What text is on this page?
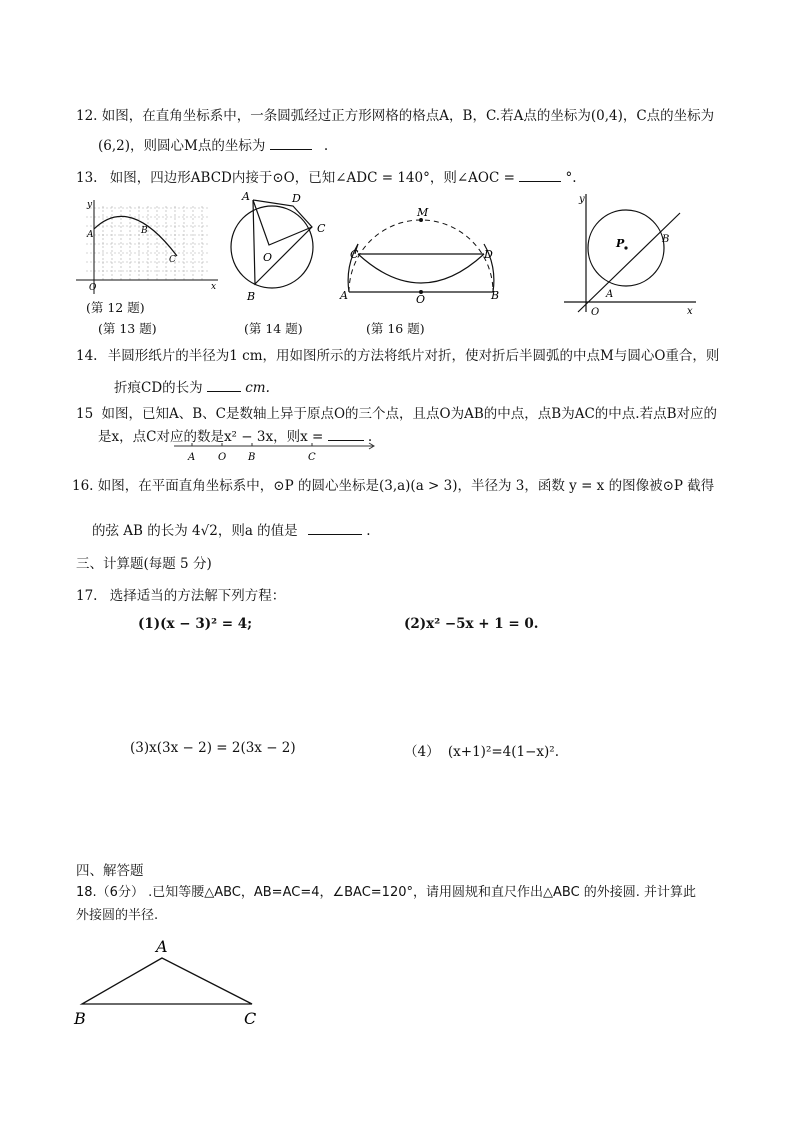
12. 如图，在直角坐标系中，一条圆弧经过正方形网格的格点A，B，C.若A点的坐标为(0,4)，C点的坐标为
(6,2)，则圆心M点的坐标为	.
13. 如图，四边形ABCD内接于⊙O，已知∠ADC = 140°，则∠AOC =	°.
y
x
O
A	B
C
A	D
C
B
O
M
C	D
A	O	B
y
x
O
A
B
P
(第 12 题)
(第 13 题)	(第 14 题)	(第 16 题)
14. 半圆形纸片的半径为1 cm，用如图所示的方法将纸片对折，使对折后半圆弧的中点M与圆心O重合，则
折痕CD的长为	cm.
15 如图，已知A、B、C是数轴上异于原点O的三个点，且点O为AB的中点，点B为AC的中点.若点B对应的
是x，点C对应的数是x² − 3x，则x =	.
A O B	C
16. 如图，在平面直角坐标系中，⊙P 的圆心坐标是(3,a)(a > 3)，半径为 3，函数 y = x 的图像被⊙P 截得
的弦 AB 的长为 4√2，则a 的值是	.
三、计算题(每题 5 分)
17. 选择适当的方法解下列方程：
(1)(x − 3)² = 4;	(2)x² −5x + 1 = 0.
(3)x(3x − 2) = 2(3x − 2)	（4） (x+1)²=4(1−x)².
四、解答题
18.（6分） .已知等腰△ABC，AB=AC=4，∠BAC=120°，请用圆规和直尺作出△ABC 的外接圆. 并计算此
外接圆的半径.
A
B	C
